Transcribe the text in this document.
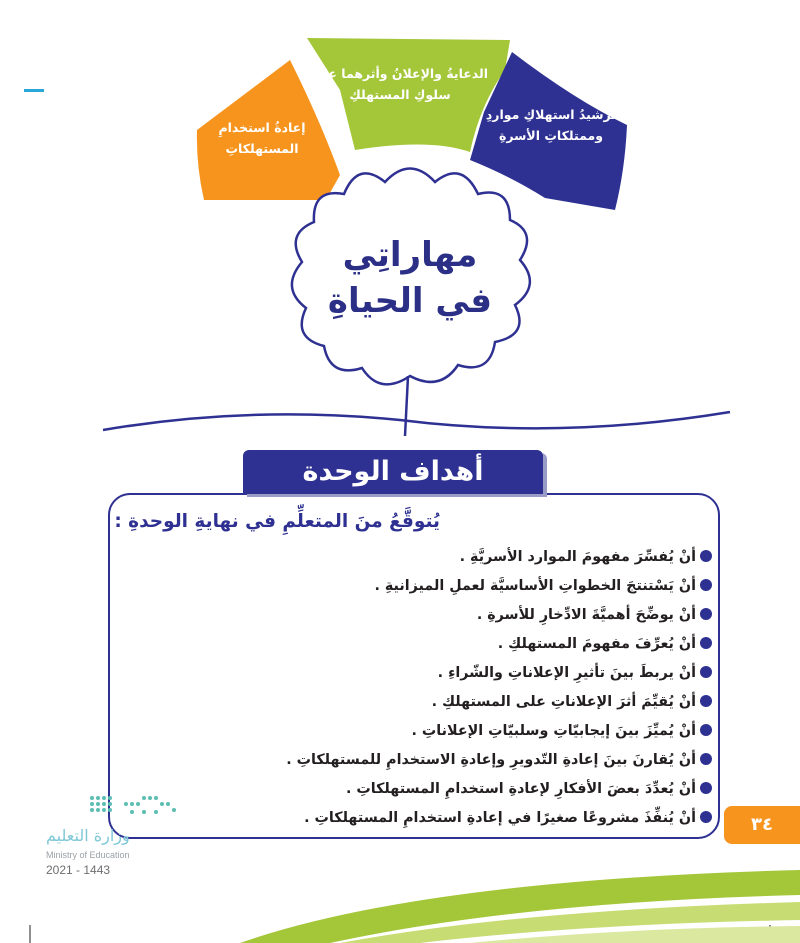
إعادةُ استخدامِ
المستهلكاتِ
الدعايةُ والإعلانُ وأثرهما على
سلوكِ المستهلكِ
ترشيدُ استهلاكِ مواردِ
وممتلكاتِ الأسرةِ
مهاراتِي
في الحياةِ
أهداف الوحدة
يُتوقَّعُ منَ المتعلِّمِ في نهايةِ الوحدةِ :
أنْ يُفسِّرَ مفهومَ الموارد الأسريَّةِ .
أنْ يَسْتنتجَ الخطواتِ الأساسيَّة لعملِ الميزانيةِ .
أنْ يوضِّحَ أهميَّةَ الادِّخارِ للأسرةِ .
أنْ يُعرِّفَ مفهومَ المستهلكِ .
أنْ يربطَ بينَ تأثيرِ الإعلاناتِ والشّراءِ .
أنْ يُقيِّمَ أثرَ الإعلاناتِ على المستهلكِ .
أنْ يُميِّزَ بينَ إيجابيّاتِ وسلبيّاتِ الإعلاناتِ .
أنْ يُقارنَ بينَ إعادةِ التّدويرِ وإعادةِ الاستخدامِ للمستهلكاتِ .
أنْ يُعدِّدَ بعضَ الأفكارِ لإعادةِ استخدامِ المستهلكاتِ .
أنْ يُنفِّذَ مشروعًا صغيرًا في إعادةِ استخدامِ المستهلكاتِ .	٣٤
وزارة التعليم
Ministry of Education
2021 - 1443
